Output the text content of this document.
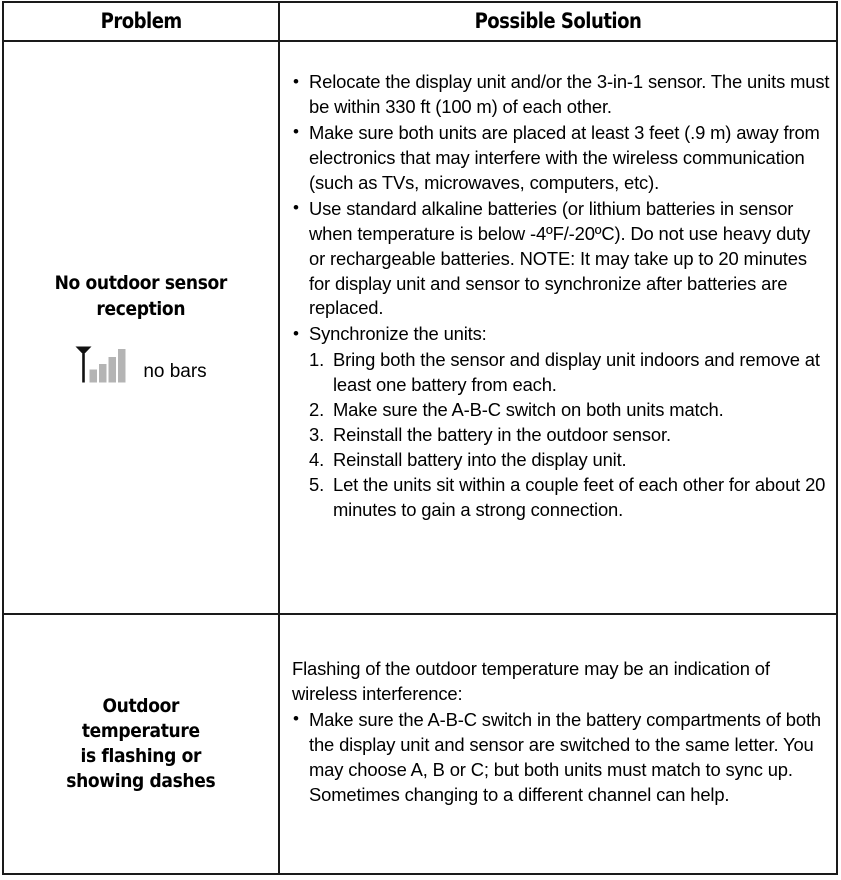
Problem	Possible Solution
No outdoor sensor
reception
no bars
• Relocate the display unit and/or the 3-in-1 sensor. The units must be within 330 ft (100 m) of each other.
• Make sure both units are placed at least 3 feet (.9 m) away from electronics that may interfere with the wireless communication (such as TVs, microwaves, computers, etc).
• Use standard alkaline batteries (or lithium batteries in sensor when temperature is below -4ºF/-20ºC). Do not use heavy duty or rechargeable batteries. NOTE: It may take up to 20 minutes for display unit and sensor to synchronize after batteries are replaced.
• Synchronize the units:
1. Bring both the sensor and display unit indoors and remove at least one battery from each.
2. Make sure the A-B-C switch on both units match.
3. Reinstall the battery in the outdoor sensor.
4. Reinstall battery into the display unit.
5. Let the units sit within a couple feet of each other for about 20 minutes to gain a strong connection.
Outdoor
temperature
is flashing or
showing dashes

Flashing of the outdoor temperature may be an indication of wireless interference:

• Make sure the A-B-C switch in the battery compartments of both the display unit and sensor are switched to the same letter. You may choose A, B or C; but both units must match to sync up. Sometimes changing to a different channel can help.
